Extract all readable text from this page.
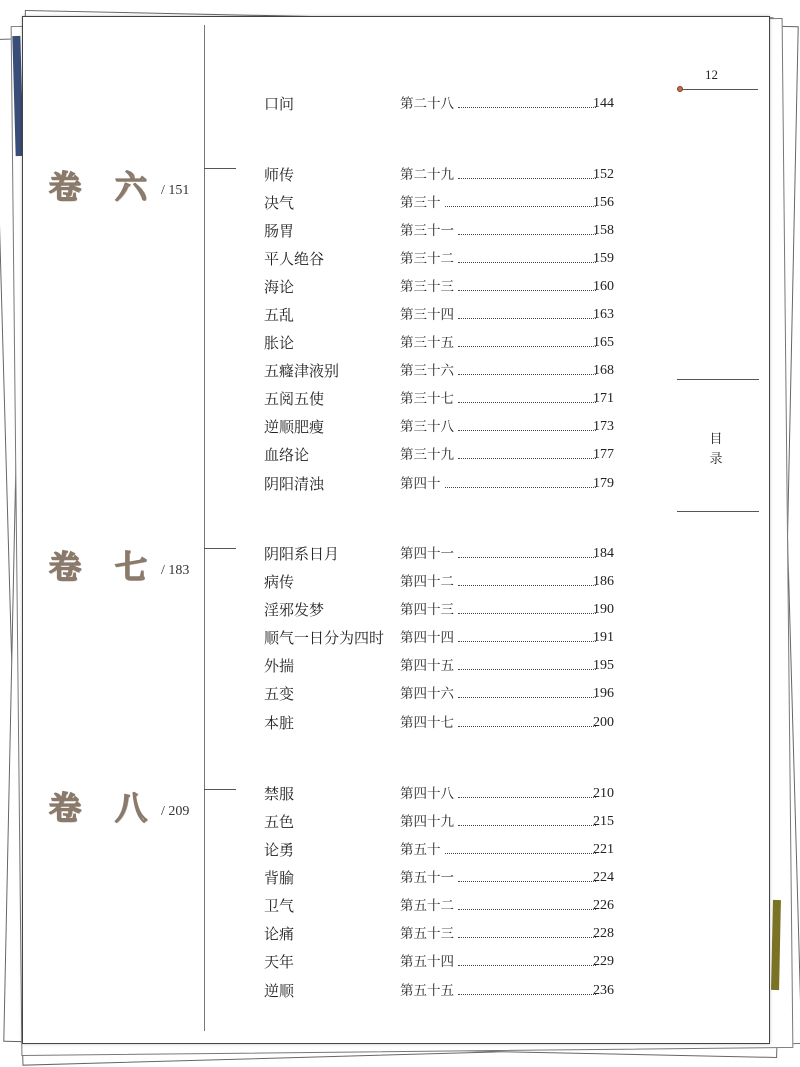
卷 六 / 151
卷 七 / 183
卷 八 / 209
口问	第二十八	144
师传	第二十九	152
决气	第三十	156
肠胃	第三十一	158
平人绝谷	第三十二	159
海论	第三十三	160
五乱	第三十四	163
胀论	第三十五	165
五癃津液别	第三十六	168
五阅五使	第三十七	171
逆顺肥瘦	第三十八	173
血络论	第三十九	177
阴阳清浊	第四十	179
阴阳系日月	第四十一	184
病传	第四十二	186
淫邪发梦	第四十三	190
顺气一日分为四时 第四十四	191
外揣	第四十五	195
五变	第四十六	196
本脏	第四十七	200
禁服	第四十八	210
五色	第四十九	215
论勇	第五十	221
背腧	第五十一	224
卫气	第五十二	226
论痛	第五十三	228
天年	第五十四	229
逆顺	第五十五	236
12
目
录
